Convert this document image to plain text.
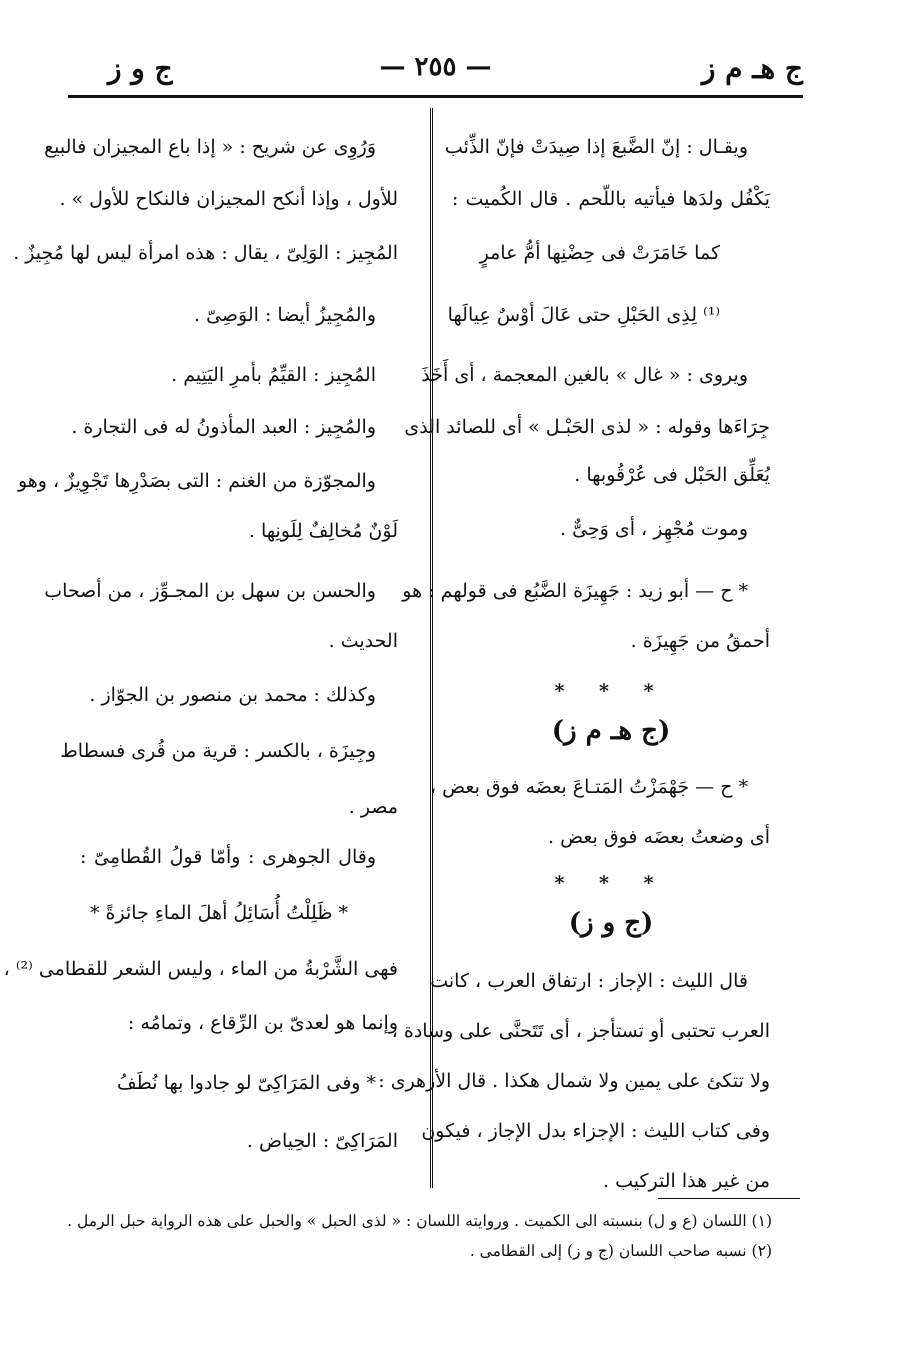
ج هـ م ز
— ٢٥٥ —
ج و ز
ويقـال : إنّ الضَّبعَ إذا صِيدَتْ فإنّ الذِّئب
يَكْفُل ولدَها فيأتيه باللّحم . قال الكُميت :
كما خَامَرَتْ فى حِضْنِها أمُّ عامرٍ
⁽¹⁾ لِذِى الحَبْلِ حتى عَالَ أوْسٌ عِيالَها
ويروى : « غال » بالغين المعجمة ، أى أَخَذَ
جِرَاءَها وقوله : « لذى الحَبْـل » أى للصائد الذى
يُعَلِّق الحَبْل فى عُرْقُوبها .
وموت مُجْهِز ، أى وَحِىٌّ .
* ح — أبو زيد : جَهِيزَة الضَّبُع فى قولهم : هو
أحمقُ من جَهِيزَة .
* * *
(ج هـ م ز)
* ح — جَهْمَزْتُ المَتـاعَ بعضَه فوق بعض ،
أى وضعتُ بعضَه فوق بعض .
* * *
(ج و ز)
قال الليث : الإجاز : ارتفاق العرب ، كانت
العرب تحتبى أو تستأجز ، أى تَتَحنَّى على وسادة ،
ولا تتكئ على يمين ولا شمال هكذا . قال الأزهرى :
وفى كتاب الليث : الإجزاء بدل الإجاز ، فيكون
من غير هذا التركيب .
وَرُوِى عن شريح : « إذا باع المجيزان فالبيع
للأول ، وإذا أنكح المجيزان فالنكاح للأول » .
المُجِيز : الوَلِىّ ، يقال : هذه امرأة ليس لها مُجِيزٌ .
والمُجِيزُ أيضا : الوَصِىّ .
المُجِيز : القيِّمُ بأمرِ اليَتِيم .
والمُجِيز : العبد المأذونُ له فى التجارة .
والمجوّزة من الغنم : التى بصَدْرِها تَجْوِيزٌ ، وهو
لَوْنٌ مُخالِفٌ لِلَونِها .
والحسن بن سهل بن المجـوِّز ، من أصحاب
الحديث .
وكذلك : محمد بن منصور بن الجوّاز .
وجِيزَة ، بالكسر : قرية من قُرى فسطاط
مصر .
وقال الجوهرى : وأمّا قولُ القُطامِىّ :
* ظَلِلْتُ أُسَائِلُ أهلَ الماءِ جائزةً *
فهى الشَّرْبةُ من الماء ، وليس الشعر للقطامى ⁽²⁾ ،
وإنما هو لعدىّ بن الرِّقاع ، وتمامُه :
* وفى المَرَاكِىّ لو جادوا بها نُطَفُ
المَرَاكِىّ : الحِياض .
(١) اللسان (ع و ل) بنسبته الى الكميت . وروايته اللسان : « لذى الحبل » والحبل على هذه الرواية حبل الرمل .
(٢) نسبه صاحب اللسان (ج و ز) إلى القطامى .
